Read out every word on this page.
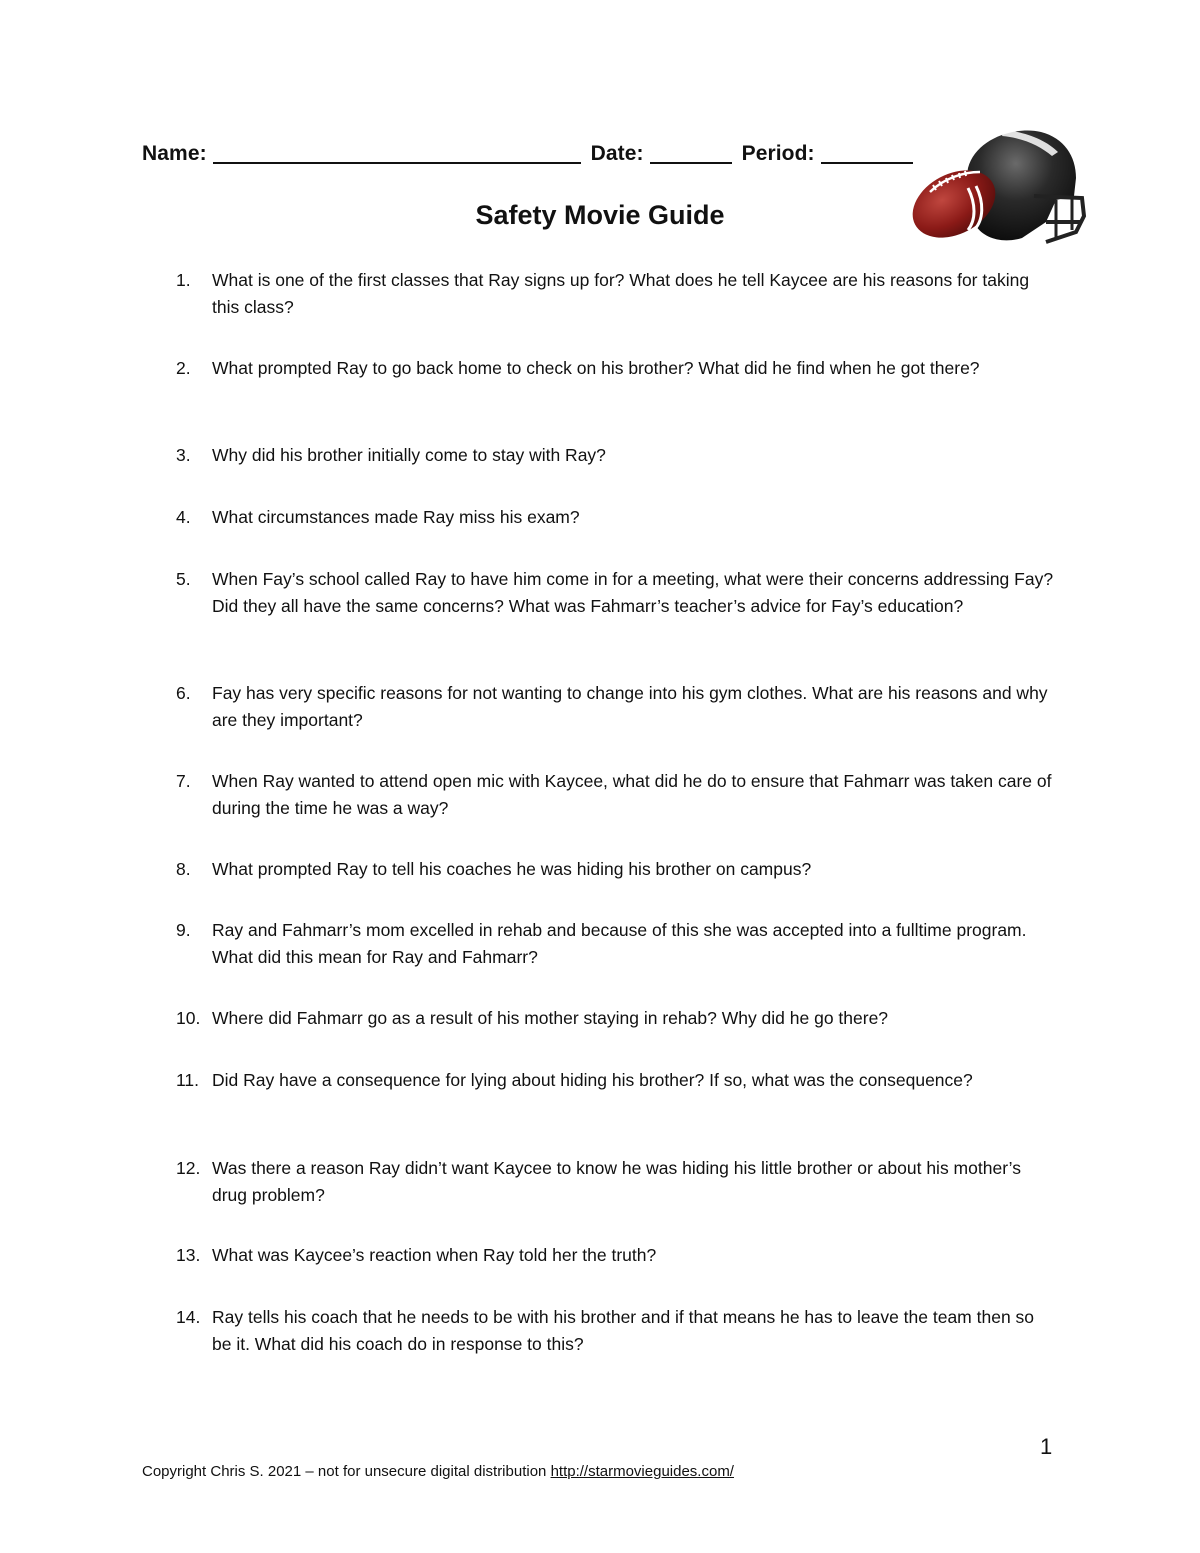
Name:	Date:	Period:
Safety Movie Guide
1.	What is one of the first classes that Ray signs up for? What does he tell Kaycee are his reasons for taking this class?
2.	What prompted Ray to go back home to check on his brother? What did he find when he got there?
3.	Why did his brother initially come to stay with Ray?
4.	What circumstances made Ray miss his exam?
5.	When Fay’s school called Ray to have him come in for a meeting, what were their concerns addressing Fay? Did they all have the same concerns? What was Fahmarr’s teacher’s advice for Fay’s education?
6.	Fay has very specific reasons for not wanting to change into his gym clothes. What are his reasons and why are they important?
7.	When Ray wanted to attend open mic with Kaycee, what did he do to ensure that Fahmarr was taken care of during the time he was a way?
8.	What prompted Ray to tell his coaches he was hiding his brother on campus?
9.	Ray and Fahmarr’s mom excelled in rehab and because of this she was accepted into a fulltime program. What did this mean for Ray and Fahmarr?
10. Where did Fahmarr go as a result of his mother staying in rehab? Why did he go there?
11. Did Ray have a consequence for lying about hiding his brother? If so, what was the consequence?
12. Was there a reason Ray didn’t want Kaycee to know he was hiding his little brother or about his mother’s drug problem?
13. What was Kaycee’s reaction when Ray told her the truth?
14. Ray tells his coach that he needs to be with his brother and if that means he has to leave the team then so be it. What did his coach do in response to this?
1
Copyright Chris S. 2021 – not for unsecure digital distribution http://starmovieguides.com/
